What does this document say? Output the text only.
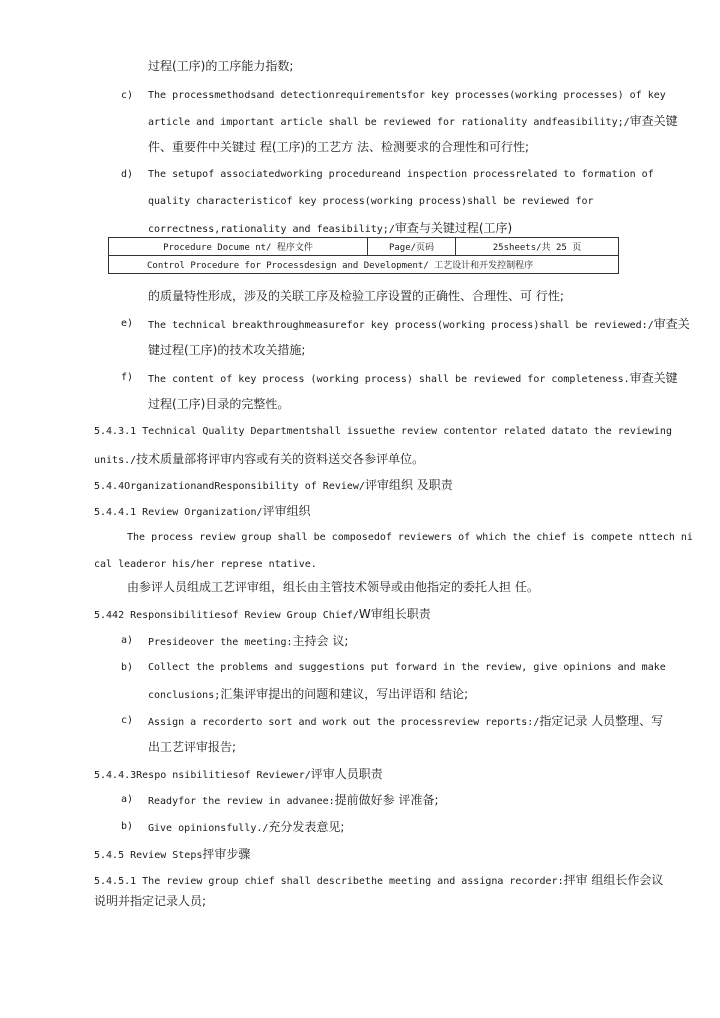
过程(工序)的工序能力指数;
c) The processmethodsand detectionrequirementsfor key processes(working processes) of key
article and important article shall be reviewed for rationality andfeasibility;/审查关键
件、重要件中关键过 程(工序)的工艺方 法、检测要求的合理性和可行性;
d) The setupof associatedworking procedureand inspection processrelated to formation of
quality characteristicof key process(working process)shall be reviewed for
correctness,rationality and feasibility;/审查与关键过程(工序)
Procedure Docume nt/ 程序文件	Page/页码	25sheets/共 25 页
Control Procedure for Processdesign and Development/ 工艺设计和开发控制程序
的质量特性形成，涉及的关联工序及检验工序设置的正确性、合理性、可 行性;
e) The technical breakthroughmeasurefor key process(working process)shall be reviewed:/审查关
键过程(工序)的技术攻关措施;
f) The content of key process (working process) shall be reviewed for completeness.审查关键
过程(工序)目录的完整性。
5.4.3.1 Technical Quality Departmentshall issuethe review contentor related datato the reviewing
units./技术质量部将评审内容或有关的资料送交各参评单位。
5.4.4OrganizationandResponsibility of Review/评审组织 及职责
5.4.4.1 Review Organization/评审组织
The process review group shall be composedof reviewers of which the chief is compete nttech ni
cal leaderor his/her represe ntative.
由参评人员组成工艺评审组，组长由主管技术领导或由他指定的委托人担 任。
5.442 Responsibilitiesof Review Group Chief/W审组长职责
a) Presideover the meeting:主持会 议;
b) Collect the problems and suggestions put forward in the review, give opinions and make
conclusions;汇集评审提出的问题和建议，写出评语和 结论;
c) Assign a recorderto sort and work out the processreview reports:/指定记录 人员整理、写
出工艺评审报告;
5.4.4.3Respo nsibilitiesof Reviewer/评审人员职责
a) Readyfor the review in advanee:提前做好参 评准备;
b) Give opinionsfully./充分发表意见;
5.4.5 Review Steps抨审步骤
5.4.5.1 The review group chief shall describethe meeting and assigna recorder:抨审 组组长作会议
说明并指定记录人员;
